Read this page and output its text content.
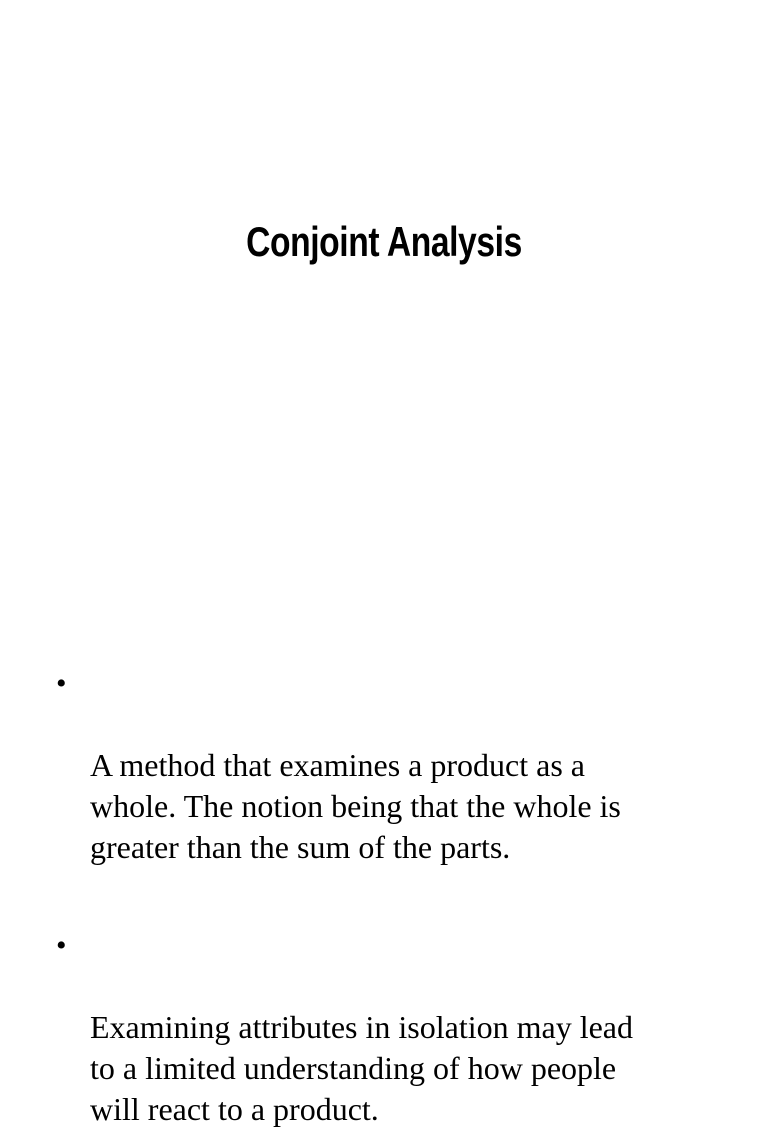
Conjoint Analysis

•

A method that examines a product as a
whole. The notion being that the whole is
greater than the sum of the parts.

•

Examining attributes in isolation may lead
to a limited understanding of how people
will react to a product.
